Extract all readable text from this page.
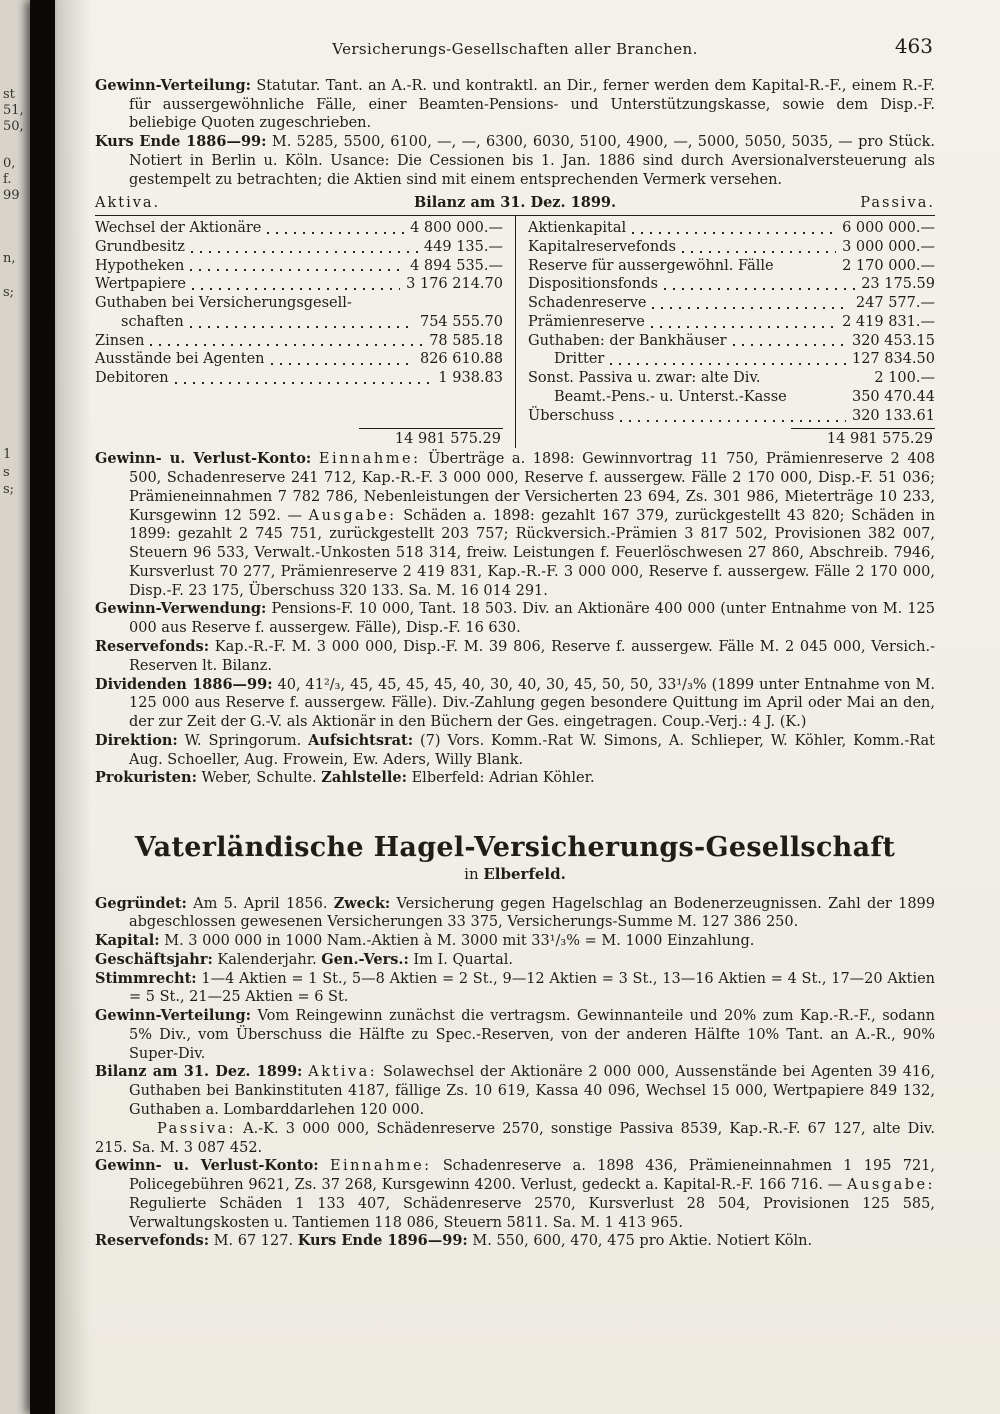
st
51,
50,
0,
f.
99
n,
s;
1
s
s;
Versicherungs-Gesellschaften aller Branchen.	463

Gewinn-Verteilung: Statutar. Tant. an A.-R. und kontraktl. an Dir., ferner werden dem Kapital-R.-F., einem R.-F. für aussergewöhnliche Fälle, einer Beamten-Pensions- und Unterstützungskasse, sowie dem Disp.-F. beliebige Quoten zugeschrieben.

Kurs Ende 1886—99: M. 5285, 5500, 6100, —, —, 6300, 6030, 5100, 4900, —, 5000, 5050, 5035, — pro Stück. Notiert in Berlin u. Köln. Usance: Die Cessionen bis 1. Jan. 1886 sind durch Aversionalversteuerung als gestempelt zu betrachten; die Aktien sind mit einem entsprechenden Vermerk versehen.

Aktiva.	Bilanz am 31. Dez. 1899.	Passiva.
Wechsel der Aktionäre	4 800 000.—
Grundbesitz	449 135.—
Hypotheken	4 894 535.—
Wertpapiere	3 176 214.70
Guthaben bei Versicherungsgesell-
schaften	754 555.70
Zinsen	78 585.18
Ausstände bei Agenten	826 610.88
Debitoren	1 938.83
14 981 575.29
Aktienkapital	6 000 000.—
Kapitalreservefonds	3 000 000.—
Reserve für aussergewöhnl. Fälle	2 170 000.—
Dispositionsfonds	23 175.59
Schadenreserve	247 577.—
Prämienreserve	2 419 831.—
Guthaben: der Bankhäuser	320 453.15
Dritter	127 834.50
Sonst. Passiva u. zwar: alte Div.	2 100.—
Beamt.-Pens.- u. Unterst.-Kasse	350 470.44
Überschuss	320 133.61
14 981 575.29

Gewinn- u. Verlust-Konto: Einnahme: Überträge a. 1898: Gewinnvortrag 11 750, Prämienreserve 2 408 500, Schadenreserve 241 712, Kap.-R.-F. 3 000 000, Reserve f. aussergew. Fälle 2 170 000, Disp.-F. 51 036; Prämieneinnahmen 7 782 786, Nebenleistungen der Versicherten 23 694, Zs. 301 986, Mieterträge 10 233, Kursgewinn 12 592. — Ausgabe: Schäden a. 1898: gezahlt 167 379, zurückgestellt 43 820; Schäden in 1899: gezahlt 2 745 751, zurückgestellt 203 757; Rückversich.-Prämien 3 817 502, Provisionen 382 007, Steuern 96 533, Verwalt.-Unkosten 518 314, freiw. Leistungen f. Feuerlöschwesen 27 860, Abschreib. 7946, Kursverlust 70 277, Prämienreserve 2 419 831, Kap.-R.-F. 3 000 000, Reserve f. aussergew. Fälle 2 170 000, Disp.-F. 23 175, Überschuss 320 133. Sa. M. 16 014 291.

Gewinn-Verwendung: Pensions-F. 10 000, Tant. 18 503. Div. an Aktionäre 400 000 (unter Entnahme von M. 125 000 aus Reserve f. aussergew. Fälle), Disp.-F. 16 630.

Reservefonds: Kap.-R.-F. M. 3 000 000, Disp.-F. M. 39 806, Reserve f. aussergew. Fälle M. 2 045 000, Versich.-Reserven lt. Bilanz.

Dividenden 1886—99: 40, 41²/₃, 45, 45, 45, 45, 40, 30, 40, 30, 45, 50, 50, 33¹/₃% (1899 unter Entnahme von M. 125 000 aus Reserve f. aussergew. Fälle). Div.-Zahlung gegen besondere Quittung im April oder Mai an den, der zur Zeit der G.-V. als Aktionär in den Büchern der Ges. eingetragen. Coup.-Verj.: 4 J. (K.)

Direktion: W. Springorum. Aufsichtsrat: (7) Vors. Komm.-Rat W. Simons, A. Schlieper, W. Köhler, Komm.-Rat Aug. Schoeller, Aug. Frowein, Ew. Aders, Willy Blank.

Prokuristen: Weber, Schulte. Zahlstelle: Elberfeld: Adrian Köhler.

Vaterländische Hagel-Versicherungs-Gesellschaft
in Elberfeld.

Gegründet: Am 5. April 1856. Zweck: Versicherung gegen Hagelschlag an Bodenerzeugnissen. Zahl der 1899 abgeschlossen gewesenen Versicherungen 33 375, Versicherungs-Summe M. 127 386 250.

Kapital: M. 3 000 000 in 1000 Nam.-Aktien à M. 3000 mit 33¹/₃% = M. 1000 Einzahlung.

Geschäftsjahr: Kalenderjahr. Gen.-Vers.: Im I. Quartal.

Stimmrecht: 1—4 Aktien = 1 St., 5—8 Aktien = 2 St., 9—12 Aktien = 3 St., 13—16 Aktien = 4 St., 17—20 Aktien = 5 St., 21—25 Aktien = 6 St.

Gewinn-Verteilung: Vom Reingewinn zunächst die vertragsm. Gewinnanteile und 20% zum Kap.-R.-F., sodann 5% Div., vom Überschuss die Hälfte zu Spec.-Reserven, von der anderen Hälfte 10% Tant. an A.-R., 90% Super-Div.

Bilanz am 31. Dez. 1899: Aktiva: Solawechsel der Aktionäre 2 000 000, Aussenstände bei Agenten 39 416, Guthaben bei Bankinstituten 4187, fällige Zs. 10 619, Kassa 40 096, Wechsel 15 000, Wertpapiere 849 132, Guthaben a. Lombarddarlehen 120 000.

Passiva: A.-K. 3 000 000, Schädenreserve 2570, sonstige Passiva 8539, Kap.-R.-F. 67 127, alte Div. 215. Sa. M. 3 087 452.

Gewinn- u. Verlust-Konto: Einnahme: Schadenreserve a. 1898 436, Prämieneinnahmen 1 195 721, Policegebühren 9621, Zs. 37 268, Kursgewinn 4200. Verlust, gedeckt a. Kapital-R.-F. 166 716. — Ausgabe: Regulierte Schäden 1 133 407, Schädenreserve 2570, Kursverlust 28 504, Provisionen 125 585, Verwaltungskosten u. Tantiemen 118 086, Steuern 5811. Sa. M. 1 413 965.

Reservefonds: M. 67 127. Kurs Ende 1896—99: M. 550, 600, 470, 475 pro Aktie. Notiert Köln.
